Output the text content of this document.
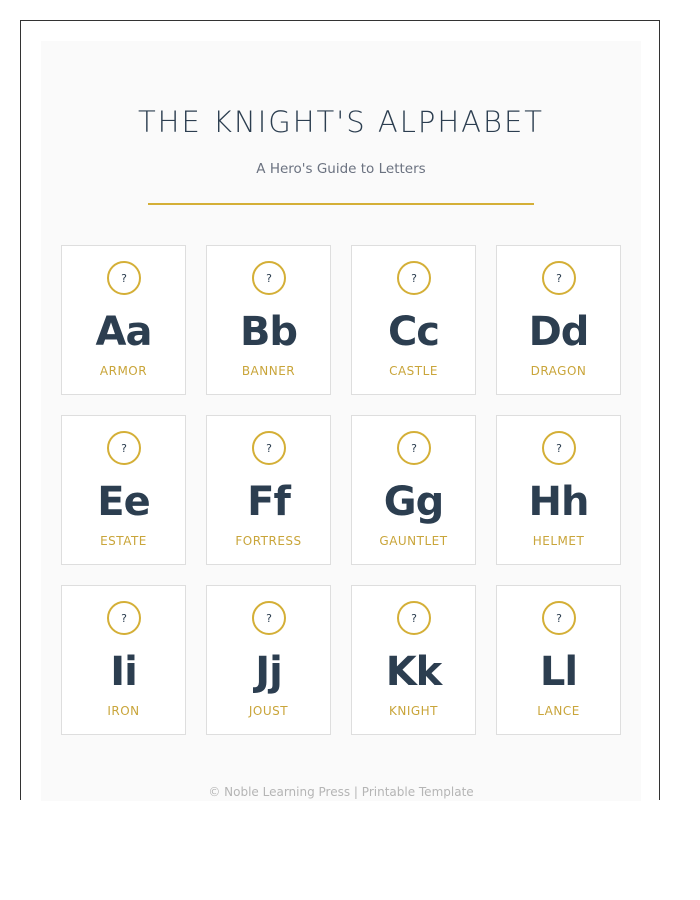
THE KNIGHT'S ALPHABET
A Hero's Guide to Letters
?
Aa
ARMOR
?
Bb
BANNER
?
Cc
CASTLE
?
Dd
DRAGON
?
Ee
ESTATE
?
Ff
FORTRESS
?
Gg
GAUNTLET
?
Hh
HELMET
?
Ii
IRON
?
Jj
JOUST
?
Kk
KNIGHT
?
Ll
LANCE
© Noble Learning Press | Printable Template
